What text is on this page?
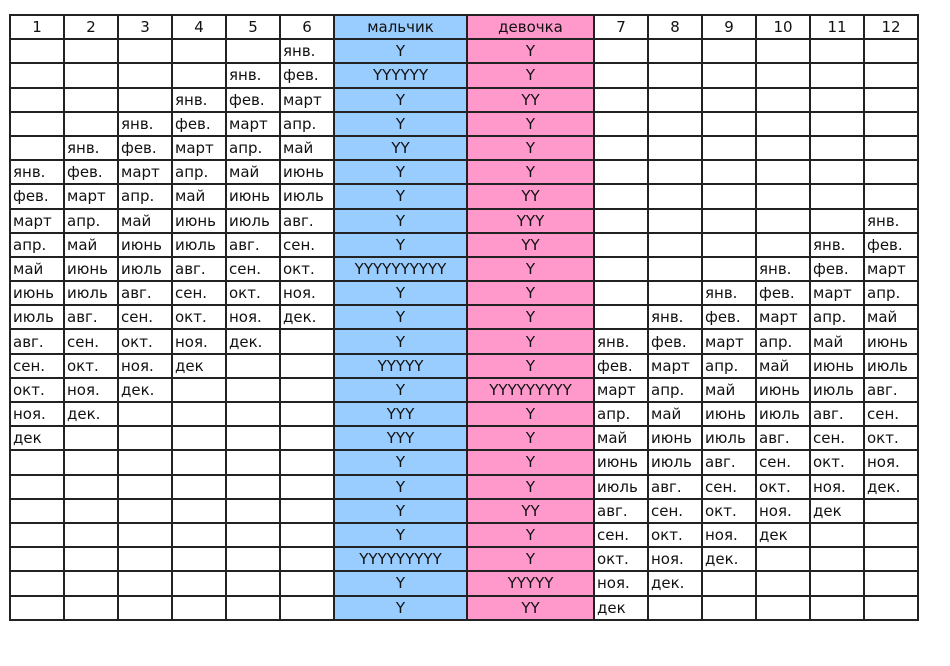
1	2	3	4	5	6	мальчик	девочка	7	8	9	10	11	12
					янв.	Y	Y						
				янв.	фев.	YYYYYY	Y						
			янв.	фев.	март	Y	YY						
		янв.	фев.	март	апр.	Y	Y						
	янв.	фев.	март	апр.	май	YY	Y						
янв.	фев.	март	апр.	май	июнь	Y	Y						
фев.	март	апр.	май	июнь	июль	Y	YY						
март	апр.	май	июнь	июль	авг.	Y	YYY						янв.
апр.	май	июнь	июль	авг.	сен.	Y	YY					янв.	фев.
май	июнь	июль	авг.	сен.	окт.	YYYYYYYYYY	Y				янв.	фев.	март
июнь	июль	авг.	сен.	окт.	ноя.	Y	Y			янв.	фев.	март	апр.
июль	авг.	сен.	окт.	ноя.	дек.	Y	Y		янв.	фев.	март	апр.	май
авг.	сен.	окт.	ноя.	дек.		Y	Y	янв.	фев.	март	апр.	май	июнь
сен.	окт.	ноя.	дек			YYYYY	Y	фев.	март	апр.	май	июнь	июль
окт.	ноя.	дек.				Y	YYYYYYYYY	март	апр.	май	июнь	июль	авг.
ноя.	дек.					YYY	Y	апр.	май	июнь	июль	авг.	сен.
дек						YYY	Y	май	июнь	июль	авг.	сен.	окт.
						Y	Y	июнь	июль	авг.	сен.	окт.	ноя.
						Y	Y	июль	авг.	сен.	окт.	ноя.	дек.
						Y	YY	авг.	сен.	окт.	ноя.	дек	
						Y	Y	сен.	окт.	ноя.	дек		
						YYYYYYYYY	Y	окт.	ноя.	дек.			
						Y	YYYYY	ноя.	дек.				
						Y	YY	дек					
